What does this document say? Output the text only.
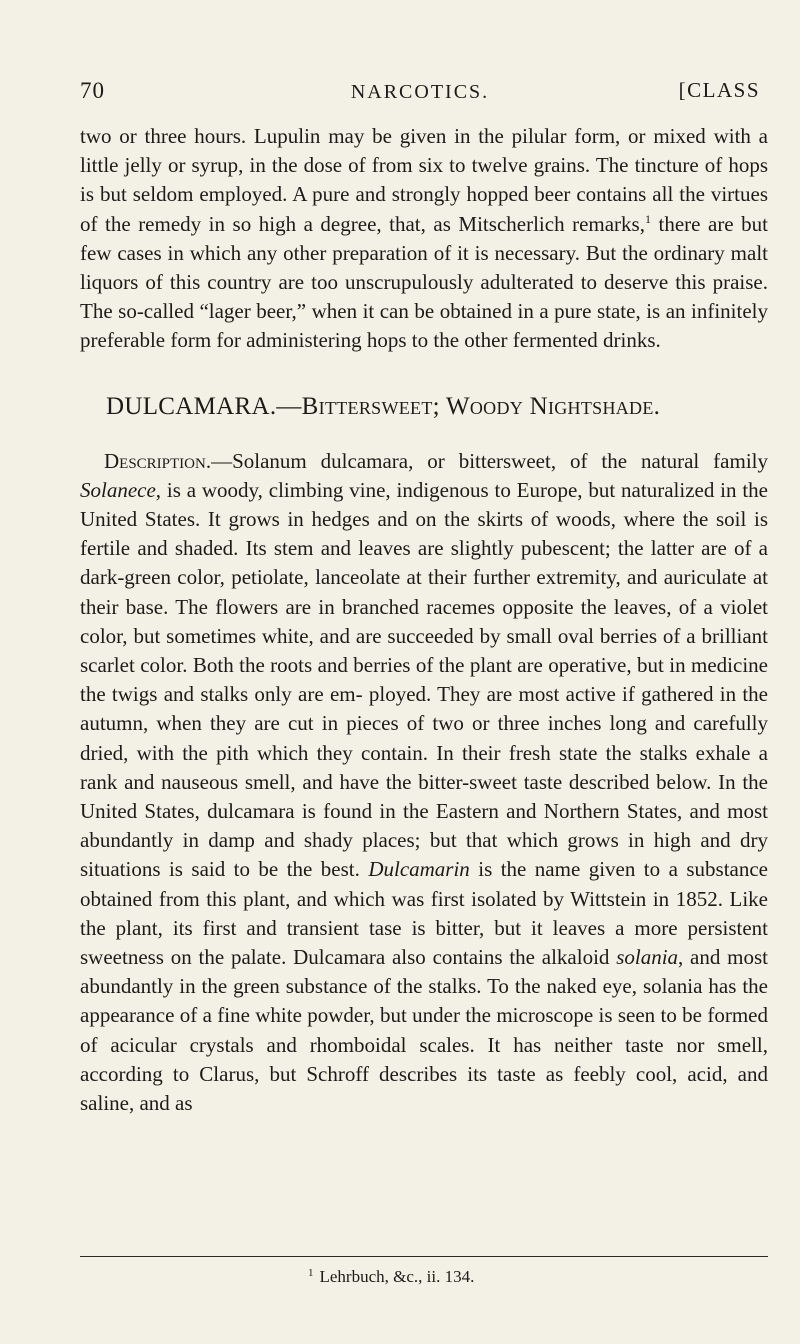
70	NARCOTICS.	[CLASS

two or three hours. Lupulin may be given in the pilular form, or mixed with a little jelly or syrup, in the dose of from six to twelve grains. The tincture of hops is but seldom employed. A pure and strongly hopped beer contains all the virtues of the remedy in so high a degree, that, as Mitscherlich remarks,$^1$ there are but few cases in which any other preparation of it is necessary. But the ordinary malt liquors of this country are too unscrupulously adulterated to deserve this praise. The so-called “lager beer,” when it can be obtained in a pure state, is an infinitely preferable form for administering hops to the other fermented drinks.

DULCAMARA.—Bittersweet; Woody Nightshade.

Description.—Solanum dulcamara, or bittersweet, of the natural family Solanece, is a woody, climbing vine, indigenous to Europe, but naturalized in the United States. It grows in hedges and on the skirts of woods, where the soil is fertile and shaded. Its stem and leaves are slightly pubescent; the latter are of a dark-green color, petiolate, lanceolate at their further extremity, and auriculate at their base. The flowers are in branched racemes opposite the leaves, of a violet color, but sometimes white, and are succeeded by small oval berries of a brilliant scarlet color. Both the roots and berries of the plant are operative, but in medicine the twigs and stalks only are em- ployed. They are most active if gathered in the autumn, when they are cut in pieces of two or three inches long and carefully dried, with the pith which they contain. In their fresh state the stalks exhale a rank and nauseous smell, and have the bitter-sweet taste described below. In the United States, dulcamara is found in the Eastern and Northern States, and most abundantly in damp and shady places; but that which grows in high and dry situations is said to be the best. Dulcamarin is the name given to a substance obtained from this plant, and which was first isolated by Wittstein in 1852. Like the plant, its first and transient tase is bitter, but it leaves a more persistent sweetness on the palate. Dulcamara also contains the alkaloid solania, and most abundantly in the green substance of the stalks. To the naked eye, solania has the appearance of a fine white powder, but under the microscope is seen to be formed of acicular crystals and rhomboidal scales. It has neither taste nor smell, according to Clarus, but Schroff describes its taste as feebly cool, acid, and saline, and as

$^1$ Lehrbuch, &c., ii. 134.
